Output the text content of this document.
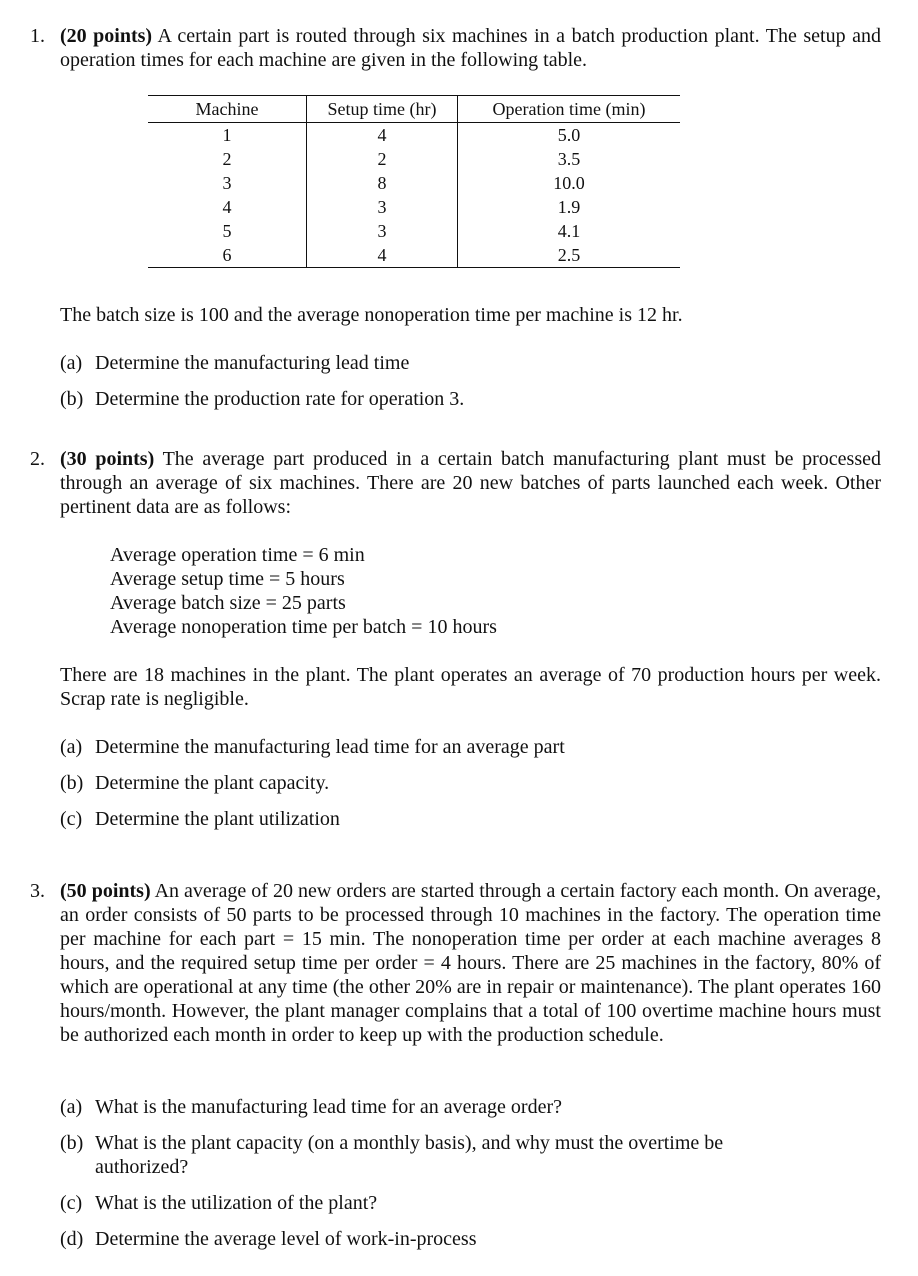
1. (20 points) A certain part is routed through six machines in a batch production plant. The setup and operation times for each machine are given in the following table.
Machine	Setup time (hr)	Operation time (min)
1	4	5.0
2	2	3.5
3	8	10.0
4	3	1.9
5	3	4.1
6	4	2.5
The batch size is 100 and the average nonoperation time per machine is 12 hr.
(a) Determine the manufacturing lead time
(b) Determine the production rate for operation 3.
2. (30 points) The average part produced in a certain batch manufacturing plant must be processed through an average of six machines. There are 20 new batches of parts launched each week. Other pertinent data are as follows:
Average operation time = 6 min
Average setup time = 5 hours
Average batch size = 25 parts
Average nonoperation time per batch = 10 hours
There are 18 machines in the plant. The plant operates an average of 70 production hours per week. Scrap rate is negligible.
(a) Determine the manufacturing lead time for an average part
(b) Determine the plant capacity.
(c) Determine the plant utilization
3. (50 points) An average of 20 new orders are started through a certain factory each month. On average, an order consists of 50 parts to be processed through 10 machines in the factory. The operation time per machine for each part = 15 min. The nonoperation time per order at each machine averages 8 hours, and the required setup time per order = 4 hours. There are 25 machines in the factory, 80% of which are operational at any time (the other 20% are in repair or maintenance). The plant operates 160 hours/month. However, the plant manager complains that a total of 100 overtime machine hours must be authorized each month in order to keep up with the production schedule.
(a) What is the manufacturing lead time for an average order?
(b) What is the plant capacity (on a monthly basis), and why must the overtime be authorized?
(c) What is the utilization of the plant?
(d) Determine the average level of work-in-process
